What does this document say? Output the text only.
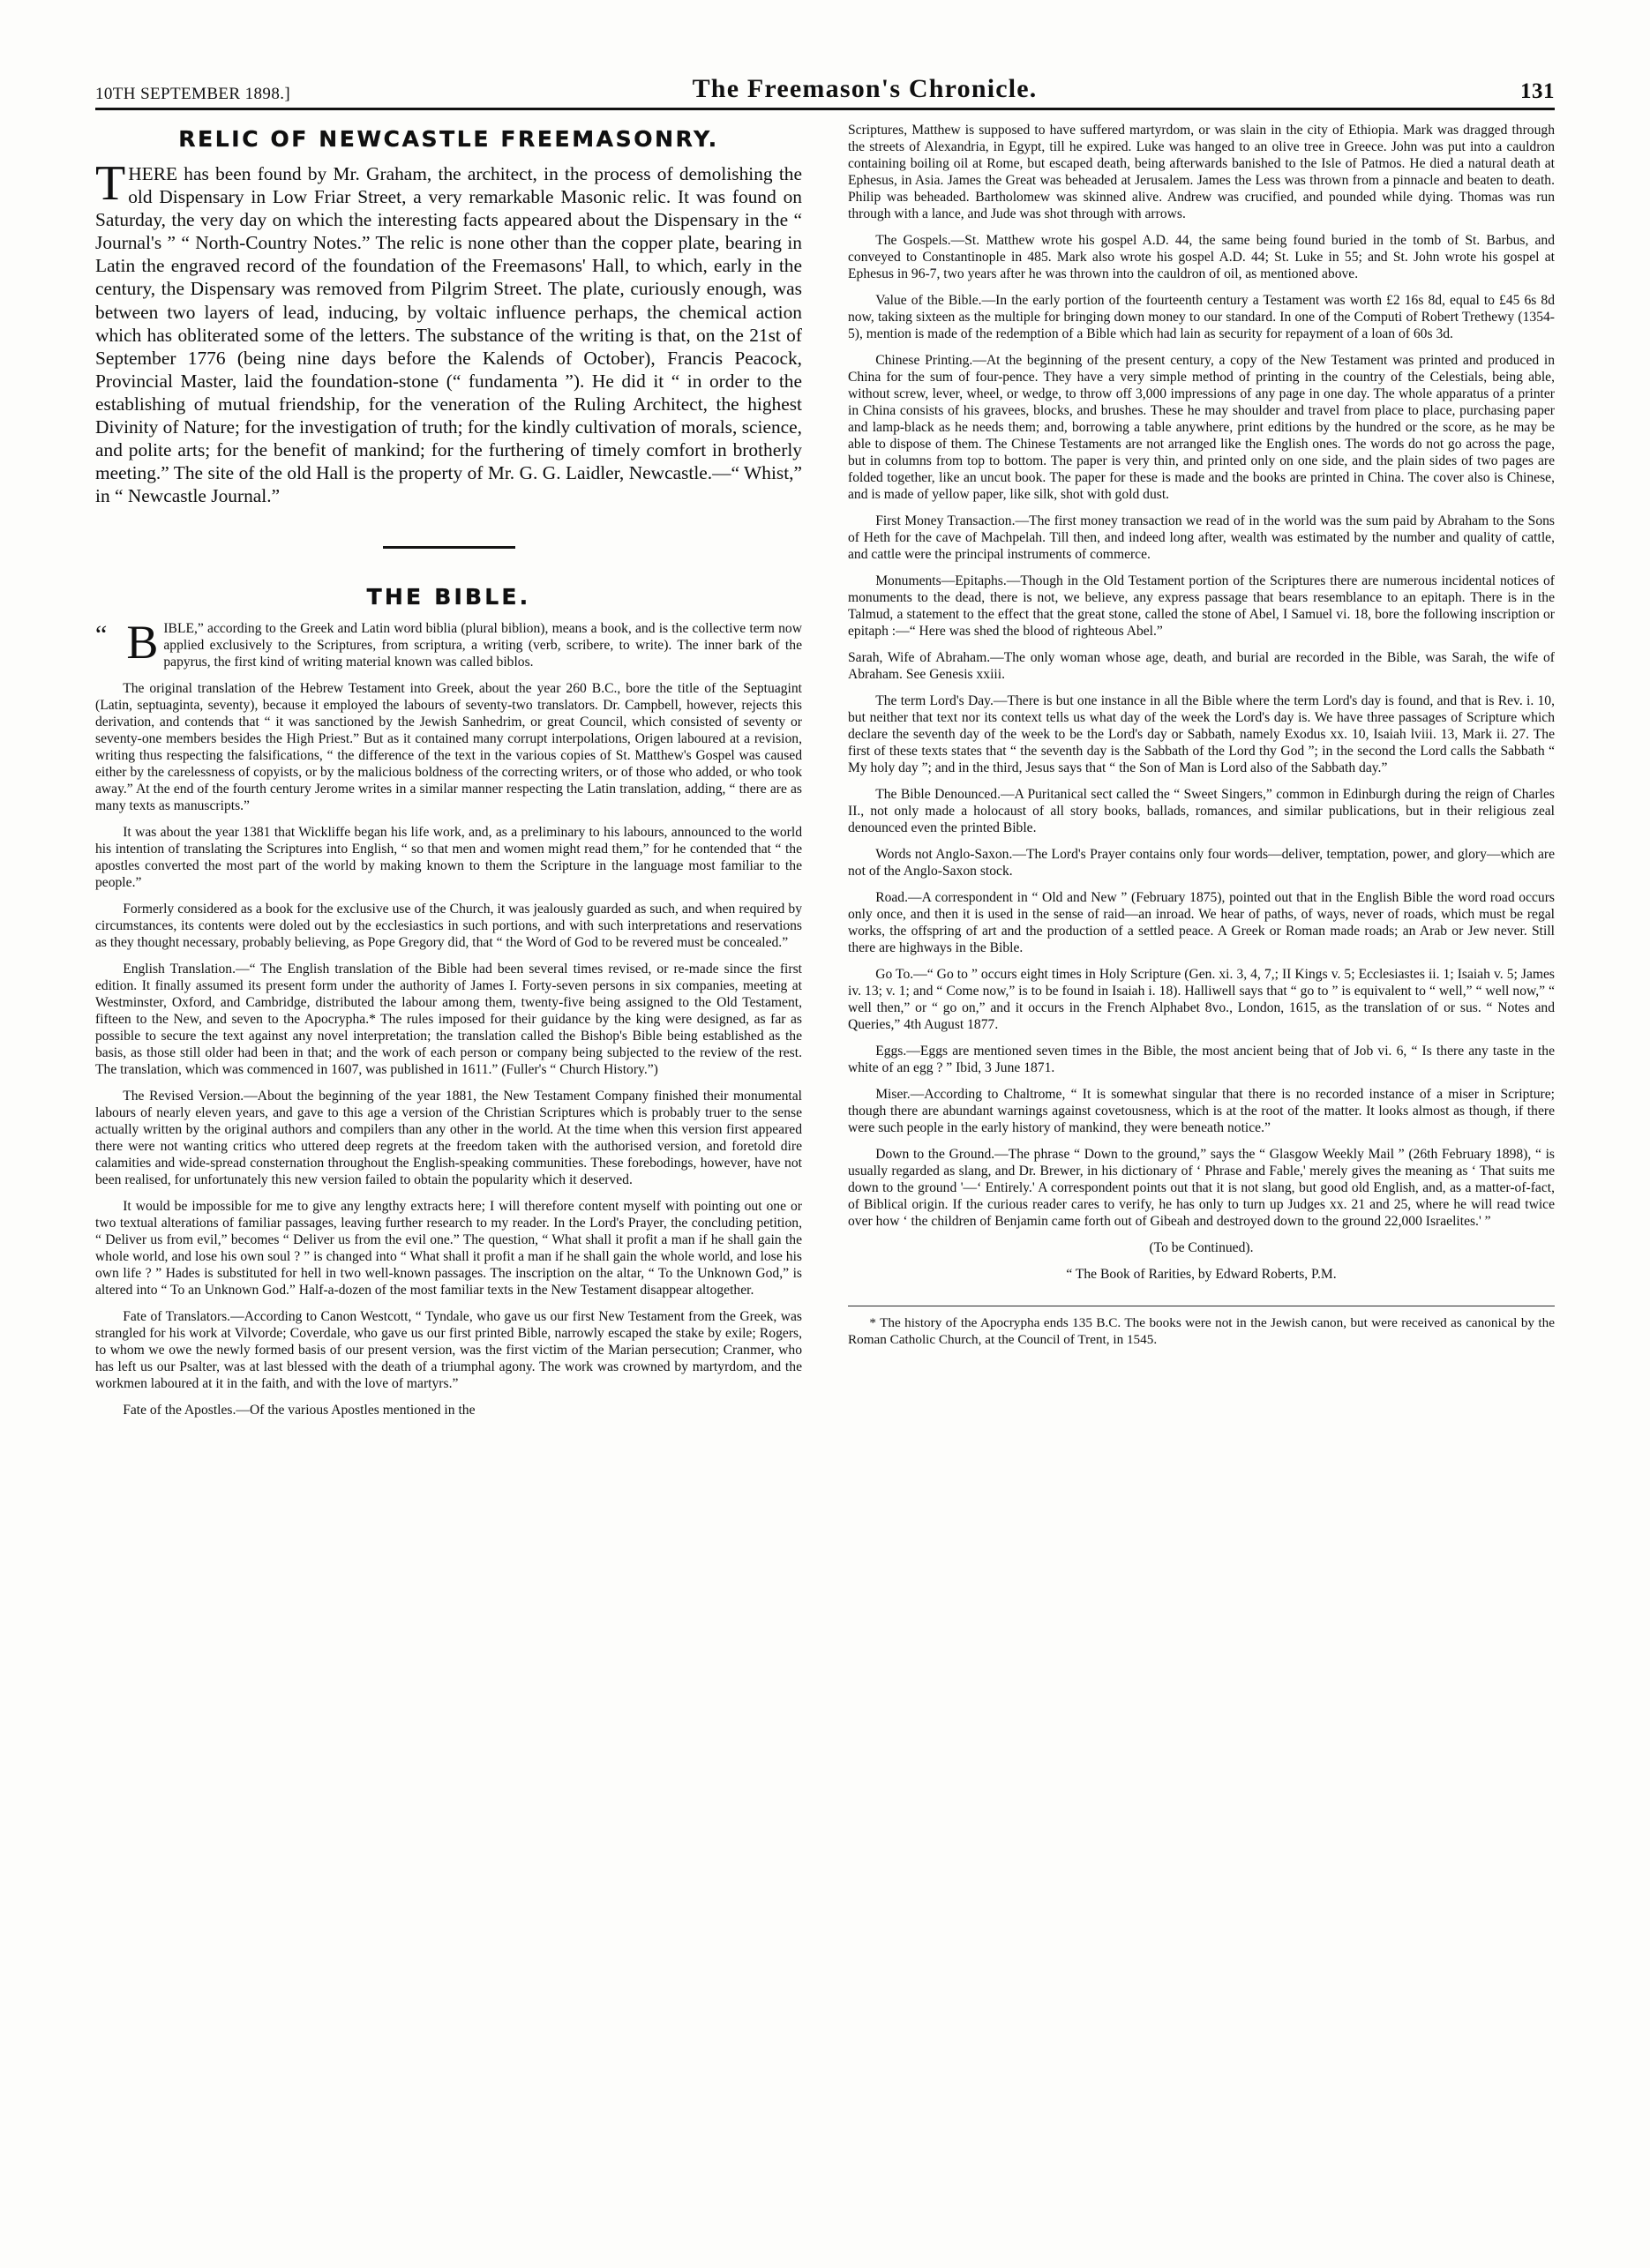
10TH SEPTEMBER 1898.]	The Freemason's Chronicle.	131
RELIC OF NEWCASTLE FREEMASONRY.

THERE has been found by Mr. Graham, the architect, in the process of demolishing the old Dispensary in Low Friar Street, a very remarkable Masonic relic. It was found on Saturday, the very day on which the interesting facts appeared about the Dispensary in the “ Journal's ” “ North-Country Notes.” The relic is none other than the copper plate, bearing in Latin the engraved record of the foundation of the Freemasons' Hall, to which, early in the century, the Dispensary was removed from Pilgrim Street. The plate, curiously enough, was between two layers of lead, inducing, by voltaic influence perhaps, the chemical action which has obliterated some of the letters. The substance of the writing is that, on the 21st of September 1776 (being nine days before the Kalends of October), Francis Peacock, Provincial Master, laid the foundation-stone (“ fundamenta ”). He did it “ in order to the establishing of mutual friendship, for the veneration of the Ruling Architect, the highest Divinity of Nature; for the investigation of truth; for the kindly cultivation of morals, science, and polite arts; for the benefit of mankind; for the furthering of timely comfort in brotherly meeting.” The site of the old Hall is the property of Mr. G. G. Laidler, Newcastle.—“ Whist,” in “ Newcastle Journal.”

THE BIBLE.

“ B IBLE,” according to the Greek and Latin word biblia (plural biblion), means a book, and is the collective term now applied exclusively to the Scriptures, from scriptura, a writing (verb, scribere, to write). The inner bark of the papyrus, the first kind of writing material known was called biblos.

The original translation of the Hebrew Testament into Greek, about the year 260 B.C., bore the title of the Septuagint (Latin, septuaginta, seventy), because it employed the labours of seventy-two translators. Dr. Campbell, however, rejects this derivation, and contends that “ it was sanctioned by the Jewish Sanhedrim, or great Council, which consisted of seventy or seventy-one members besides the High Priest.” But as it contained many corrupt interpolations, Origen laboured at a revision, writing thus respecting the falsifications, “ the difference of the text in the various copies of St. Matthew's Gospel was caused either by the carelessness of copyists, or by the malicious boldness of the correcting writers, or of those who added, or who took away.” At the end of the fourth century Jerome writes in a similar manner respecting the Latin translation, adding, “ there are as many texts as manuscripts.”

It was about the year 1381 that Wickliffe began his life work, and, as a preliminary to his labours, announced to the world his intention of translating the Scriptures into English, “ so that men and women might read them,” for he contended that “ the apostles converted the most part of the world by making known to them the Scripture in the language most familiar to the people.”

Formerly considered as a book for the exclusive use of the Church, it was jealously guarded as such, and when required by circumstances, its contents were doled out by the ecclesiastics in such portions, and with such interpretations and reservations as they thought necessary, probably believing, as Pope Gregory did, that “ the Word of God to be revered must be concealed.”

English Translation.—“ The English translation of the Bible had been several times revised, or re-made since the first edition. It finally assumed its present form under the authority of James I. Forty-seven persons in six companies, meeting at Westminster, Oxford, and Cambridge, distributed the labour among them, twenty-five being assigned to the Old Testament, fifteen to the New, and seven to the Apocrypha.* The rules imposed for their guidance by the king were designed, as far as possible to secure the text against any novel interpretation; the translation called the Bishop's Bible being established as the basis, as those still older had been in that; and the work of each person or company being subjected to the review of the rest. The translation, which was commenced in 1607, was published in 1611.” (Fuller's “ Church History.”)

The Revised Version.—About the beginning of the year 1881, the New Testament Company finished their monumental labours of nearly eleven years, and gave to this age a version of the Christian Scriptures which is probably truer to the sense actually written by the original authors and compilers than any other in the world. At the time when this version first appeared there were not wanting critics who uttered deep regrets at the freedom taken with the authorised version, and foretold dire calamities and wide-spread consternation throughout the English-speaking communities. These forebodings, however, have not been realised, for unfortunately this new version failed to obtain the popularity which it deserved.

It would be impossible for me to give any lengthy extracts here; I will therefore content myself with pointing out one or two textual alterations of familiar passages, leaving further research to my reader. In the Lord's Prayer, the concluding petition, “ Deliver us from evil,” becomes “ Deliver us from the evil one.” The question, “ What shall it profit a man if he shall gain the whole world, and lose his own soul ? ” is changed into “ What shall it profit a man if he shall gain the whole world, and lose his own life ? ” Hades is substituted for hell in two well-known passages. The inscription on the altar, “ To the Unknown God,” is altered into “ To an Unknown God.” Half-a-dozen of the most familiar texts in the New Testament disappear altogether.

Fate of Translators.—According to Canon Westcott, “ Tyndale, who gave us our first New Testament from the Greek, was strangled for his work at Vilvorde; Coverdale, who gave us our first printed Bible, narrowly escaped the stake by exile; Rogers, to whom we owe the newly formed basis of our present version, was the first victim of the Marian persecution; Cranmer, who has left us our Psalter, was at last blessed with the death of a triumphal agony. The work was crowned by martyrdom, and the workmen laboured at it in the faith, and with the love of martyrs.”

Fate of the Apostles.—Of the various Apostles mentioned in the

Scriptures, Matthew is supposed to have suffered martyrdom, or was slain in the city of Ethiopia. Mark was dragged through the streets of Alexandria, in Egypt, till he expired. Luke was hanged to an olive tree in Greece. John was put into a cauldron containing boiling oil at Rome, but escaped death, being afterwards banished to the Isle of Patmos. He died a natural death at Ephesus, in Asia. James the Great was beheaded at Jerusalem. James the Less was thrown from a pinnacle and beaten to death. Philip was beheaded. Bartholomew was skinned alive. Andrew was crucified, and pounded while dying. Thomas was run through with a lance, and Jude was shot through with arrows.

The Gospels.—St. Matthew wrote his gospel A.D. 44, the same being found buried in the tomb of St. Barbus, and conveyed to Constantinople in 485. Mark also wrote his gospel A.D. 44; St. Luke in 55; and St. John wrote his gospel at Ephesus in 96-7, two years after he was thrown into the cauldron of oil, as mentioned above.

Value of the Bible.—In the early portion of the fourteenth century a Testament was worth £2 16s 8d, equal to £45 6s 8d now, taking sixteen as the multiple for bringing down money to our standard. In one of the Computi of Robert Trethewy (1354-5), mention is made of the redemption of a Bible which had lain as security for repayment of a loan of 60s 3d.

Chinese Printing.—At the beginning of the present century, a copy of the New Testament was printed and produced in China for the sum of four-pence. They have a very simple method of printing in the country of the Celestials, being able, without screw, lever, wheel, or wedge, to throw off 3,000 impressions of any page in one day. The whole apparatus of a printer in China consists of his gravees, blocks, and brushes. These he may shoulder and travel from place to place, purchasing paper and lamp-black as he needs them; and, borrowing a table anywhere, print editions by the hundred or the score, as he may be able to dispose of them. The Chinese Testaments are not arranged like the English ones. The words do not go across the page, but in columns from top to bottom. The paper is very thin, and printed only on one side, and the plain sides of two pages are folded together, like an uncut book. The paper for these is made and the books are printed in China. The cover also is Chinese, and is made of yellow paper, like silk, shot with gold dust.

First Money Transaction.—The first money transaction we read of in the world was the sum paid by Abraham to the Sons of Heth for the cave of Machpelah. Till then, and indeed long after, wealth was estimated by the number and quality of cattle, and cattle were the principal instruments of commerce.

Monuments—Epitaphs.—Though in the Old Testament portion of the Scriptures there are numerous incidental notices of monuments to the dead, there is not, we believe, any express passage that bears resemblance to an epitaph. There is in the Talmud, a statement to the effect that the great stone, called the stone of Abel, I Samuel vi. 18, bore the following inscription or epitaph :—“ Here was shed the blood of righteous Abel.”

Sarah, Wife of Abraham.—The only woman whose age, death, and burial are recorded in the Bible, was Sarah, the wife of Abraham. See Genesis xxiii.

The term Lord's Day.—There is but one instance in all the Bible where the term Lord's day is found, and that is Rev. i. 10, but neither that text nor its context tells us what day of the week the Lord's day is. We have three passages of Scripture which declare the seventh day of the week to be the Lord's day or Sabbath, namely Exodus xx. 10, Isaiah lviii. 13, Mark ii. 27. The first of these texts states that “ the seventh day is the Sabbath of the Lord thy God ”; in the second the Lord calls the Sabbath “ My holy day ”; and in the third, Jesus says that “ the Son of Man is Lord also of the Sabbath day.”

The Bible Denounced.—A Puritanical sect called the “ Sweet Singers,” common in Edinburgh during the reign of Charles II., not only made a holocaust of all story books, ballads, romances, and similar publications, but in their religious zeal denounced even the printed Bible.

Words not Anglo-Saxon.—The Lord's Prayer contains only four words—deliver, temptation, power, and glory—which are not of the Anglo-Saxon stock.

Road.—A correspondent in “ Old and New ” (February 1875), pointed out that in the English Bible the word road occurs only once, and then it is used in the sense of raid—an inroad. We hear of paths, of ways, never of roads, which must be regal works, the offspring of art and the production of a settled peace. A Greek or Roman made roads; an Arab or Jew never. Still there are highways in the Bible.

Go To.—“ Go to ” occurs eight times in Holy Scripture (Gen. xi. 3, 4, 7,; II Kings v. 5; Ecclesiastes ii. 1; Isaiah v. 5; James iv. 13; v. 1; and “ Come now,” is to be found in Isaiah i. 18). Halliwell says that “ go to ” is equivalent to “ well,” “ well now,” “ well then,” or “ go on,” and it occurs in the French Alphabet 8vo., London, 1615, as the translation of or sus. “ Notes and Queries,” 4th August 1877.

Eggs.—Eggs are mentioned seven times in the Bible, the most ancient being that of Job vi. 6, “ Is there any taste in the white of an egg ? ” Ibid, 3 June 1871.

Miser.—According to Chaltrome, “ It is somewhat singular that there is no recorded instance of a miser in Scripture; though there are abundant warnings against covetousness, which is at the root of the matter. It looks almost as though, if there were such people in the early history of mankind, they were beneath notice.”

Down to the Ground.—The phrase “ Down to the ground,” says the “ Glasgow Weekly Mail ” (26th February 1898), “ is usually regarded as slang, and Dr. Brewer, in his dictionary of ‘ Phrase and Fable,' merely gives the meaning as ‘ That suits me down to the ground '—‘ Entirely.' A correspondent points out that it is not slang, but good old English, and, as a matter-of-fact, of Biblical origin. If the curious reader cares to verify, he has only to turn up Judges xx. 21 and 25, where he will read twice over how ‘ the children of Benjamin came forth out of Gibeah and destroyed down to the ground 22,000 Israelites.' ”

(To be Continued).

“ The Book of Rarities, by Edward Roberts, P.M.

* The history of the Apocrypha ends 135 B.C. The books were not in the Jewish canon, but were received as canonical by the Roman Catholic Church, at the Council of Trent, in 1545.
